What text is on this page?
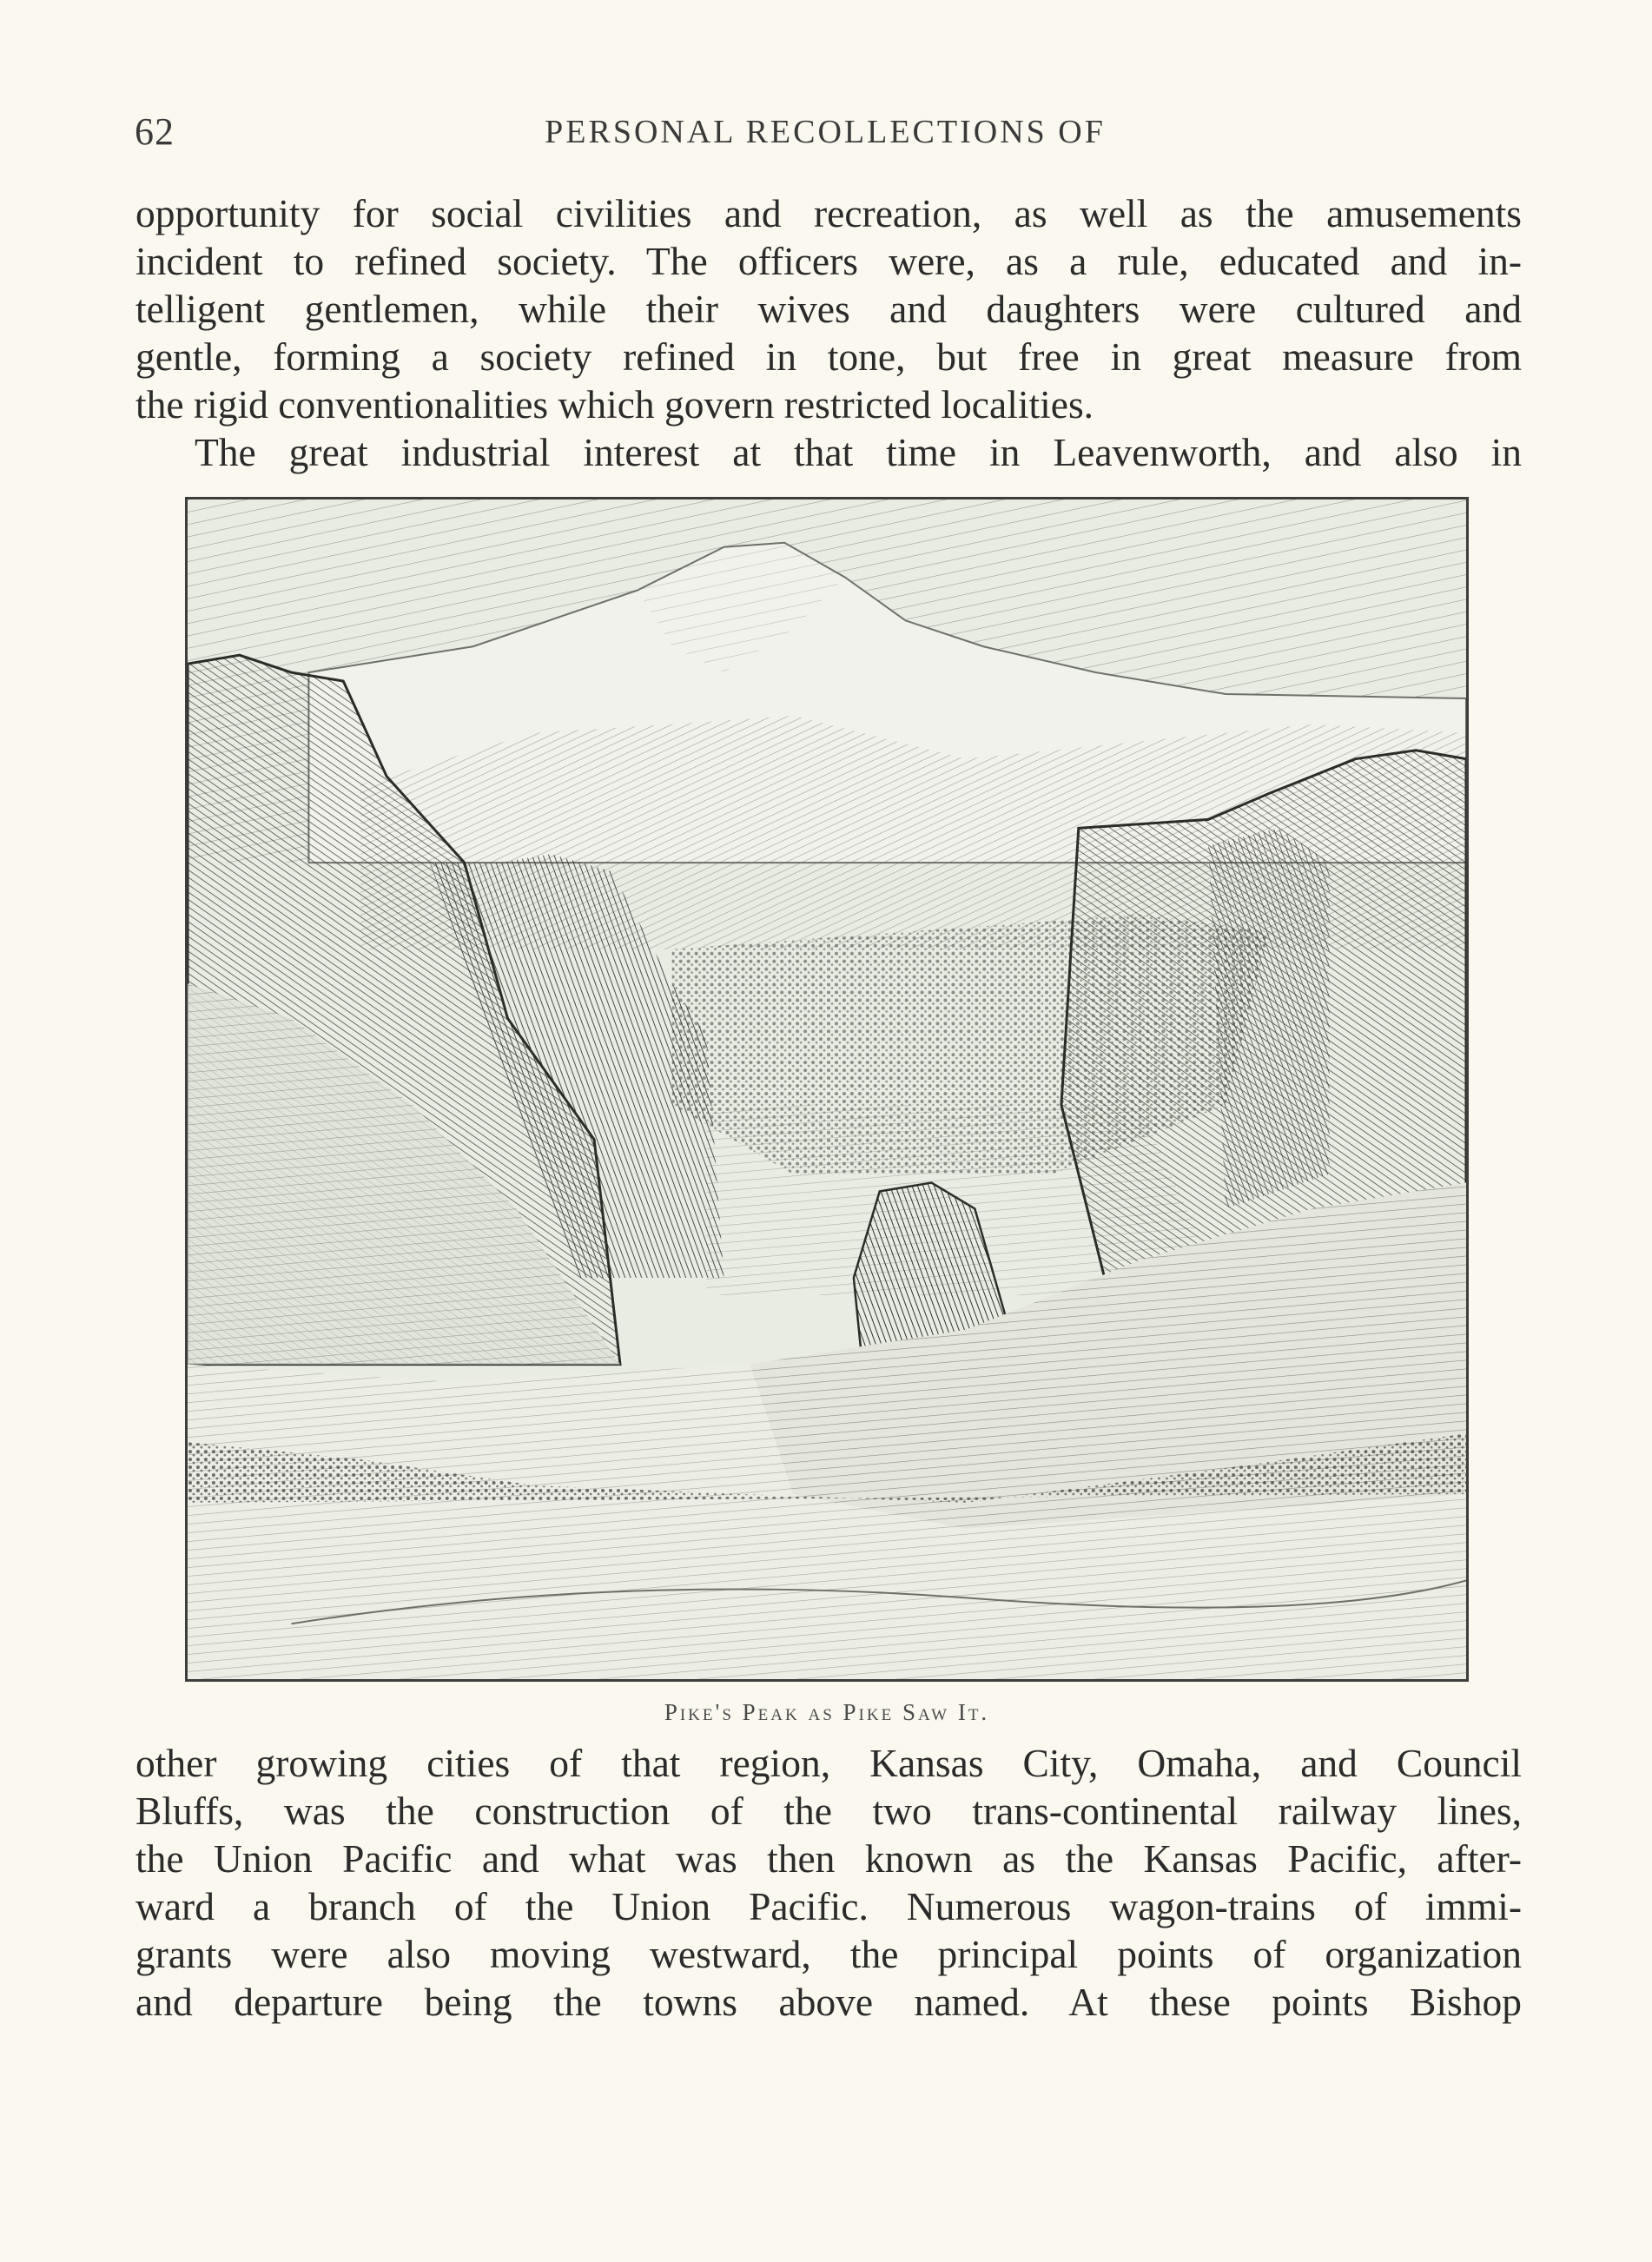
62	PERSONAL RECOLLECTIONS OF
opportunity for social civilities and recreation, as well as the amusements
incident to refined society. The officers were, as a rule, educated and in-
telligent gentlemen, while their wives and daughters were cultured and
gentle, forming a society refined in tone, but free in great measure from
the rigid conventionalities which govern restricted localities.
The great industrial interest at that time in Leavenworth, and also in
Pike's Peak as Pike Saw It.
other growing cities of that region, Kansas City, Omaha, and Council
Bluffs, was the construction of the two trans-continental railway lines,
the Union Pacific and what was then known as the Kansas Pacific, after-
ward a branch of the Union Pacific. Numerous wagon-trains of immi-
grants were also moving westward, the principal points of organization
and departure being the towns above named. At these points Bishop
